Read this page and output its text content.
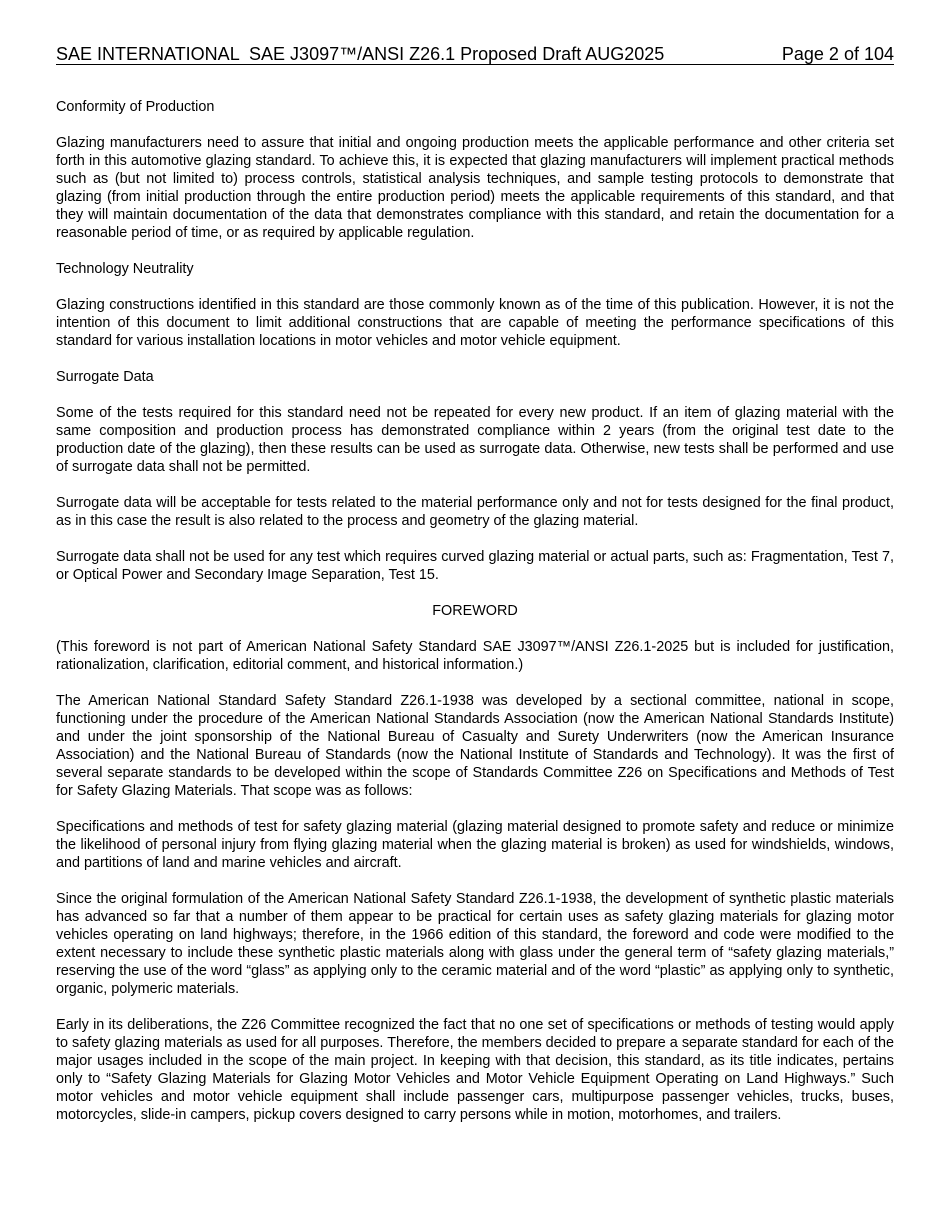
SAE INTERNATIONAL  SAE J3097™/ANSI Z26.1 Proposed Draft AUG2025	Page 2 of 104

Conformity of Production

Glazing manufacturers need to assure that initial and ongoing production meets the applicable performance and other criteria set forth in this automotive glazing standard. To achieve this, it is expected that glazing manufacturers will implement practical methods such as (but not limited to) process controls, statistical analysis techniques, and sample testing protocols to demonstrate that glazing (from initial production through the entire production period) meets the applicable requirements of this standard, and that they will maintain documentation of the data that demonstrates compliance with this standard, and retain the documentation for a reasonable period of time, or as required by applicable regulation.

Technology Neutrality

Glazing constructions identified in this standard are those commonly known as of the time of this publication. However, it is not the intention of this document to limit additional constructions that are capable of meeting the performance specifications of this standard for various installation locations in motor vehicles and motor vehicle equipment.

Surrogate Data

Some of the tests required for this standard need not be repeated for every new product. If an item of glazing material with the same composition and production process has demonstrated compliance within 2 years (from the original test date to the production date of the glazing), then these results can be used as surrogate data. Otherwise, new tests shall be performed and use of surrogate data shall not be permitted.

Surrogate data will be acceptable for tests related to the material performance only and not for tests designed for the final product, as in this case the result is also related to the process and geometry of the glazing material.

Surrogate data shall not be used for any test which requires curved glazing material or actual parts, such as: Fragmentation, Test 7, or Optical Power and Secondary Image Separation, Test 15.

FOREWORD

(This foreword is not part of American National Safety Standard SAE J3097™/ANSI Z26.1-2025 but is included for justification, rationalization, clarification, editorial comment, and historical information.)

The American National Standard Safety Standard Z26.1-1938 was developed by a sectional committee, national in scope, functioning under the procedure of the American National Standards Association (now the American National Standards Institute) and under the joint sponsorship of the National Bureau of Casualty and Surety Underwriters (now the American Insurance Association) and the National Bureau of Standards (now the National Institute of Standards and Technology). It was the first of several separate standards to be developed within the scope of Standards Committee Z26 on Specifications and Methods of Test for Safety Glazing Materials. That scope was as follows:

Specifications and methods of test for safety glazing material (glazing material designed to promote safety and reduce or minimize the likelihood of personal injury from flying glazing material when the glazing material is broken) as used for windshields, windows, and partitions of land and marine vehicles and aircraft.

Since the original formulation of the American National Safety Standard Z26.1-1938, the development of synthetic plastic materials has advanced so far that a number of them appear to be practical for certain uses as safety glazing materials for glazing motor vehicles operating on land highways; therefore, in the 1966 edition of this standard, the foreword and code were modified to the extent necessary to include these synthetic plastic materials along with glass under the general term of “safety glazing materials,” reserving the use of the word “glass” as applying only to the ceramic material and of the word “plastic” as applying only to synthetic, organic, polymeric materials.

Early in its deliberations, the Z26 Committee recognized the fact that no one set of specifications or methods of testing would apply to safety glazing materials as used for all purposes. Therefore, the members decided to prepare a separate standard for each of the major usages included in the scope of the main project. In keeping with that decision, this standard, as its title indicates, pertains only to “Safety Glazing Materials for Glazing Motor Vehicles and Motor Vehicle Equipment Operating on Land Highways.” Such motor vehicles and motor vehicle equipment shall include passenger cars, multipurpose passenger vehicles, trucks, buses, motorcycles, slide-in campers, pickup covers designed to carry persons while in motion, motorhomes, and trailers.
